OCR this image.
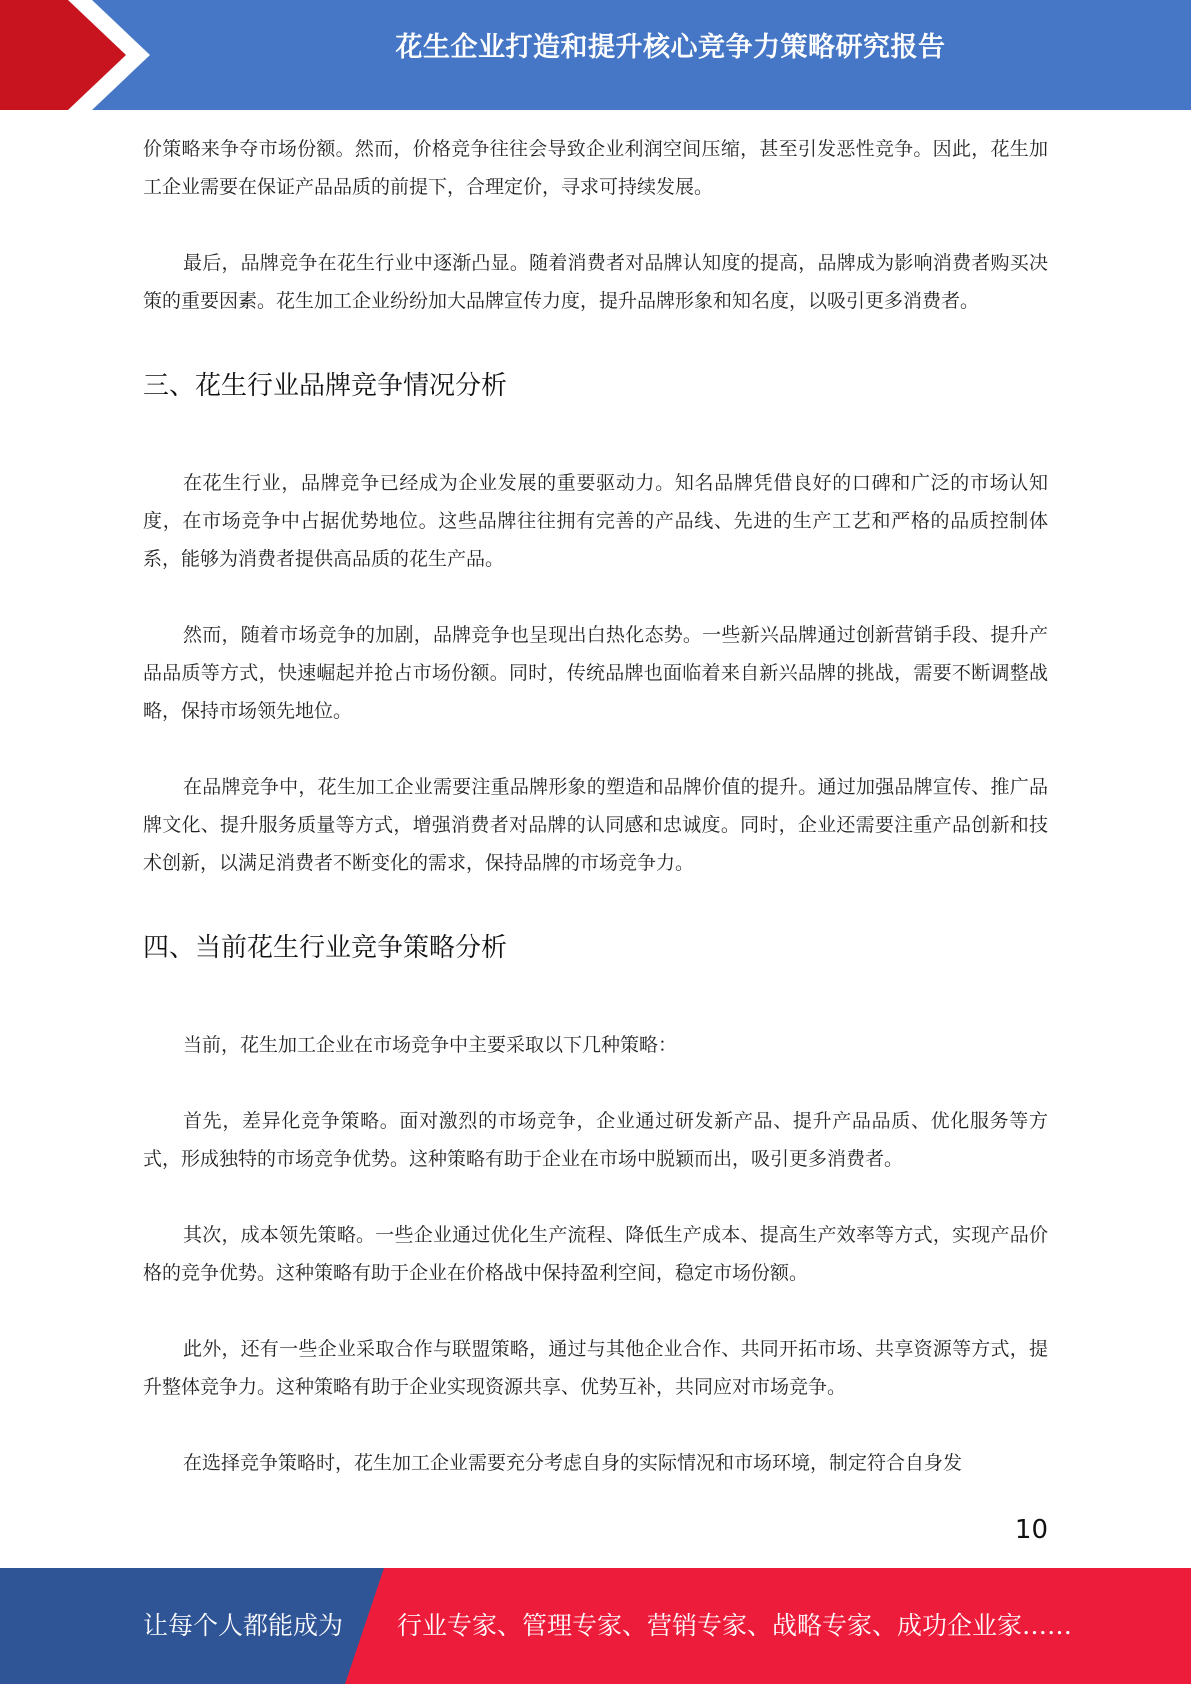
花生企业打造和提升核心竞争力策略研究报告

价策略来争夺市场份额。然而，价格竞争往往会导致企业利润空间压缩，甚至引发恶性竞争。因此，花生加工企业需要在保证产品品质的前提下，合理定价，寻求可持续发展。

最后，品牌竞争在花生行业中逐渐凸显。随着消费者对品牌认知度的提高，品牌成为影响消费者购买决策的重要因素。花生加工企业纷纷加大品牌宣传力度，提升品牌形象和知名度，以吸引更多消费者。

三、花生行业品牌竞争情况分析

在花生行业，品牌竞争已经成为企业发展的重要驱动力。知名品牌凭借良好的口碑和广泛的市场认知度，在市场竞争中占据优势地位。这些品牌往往拥有完善的产品线、先进的生产工艺和严格的品质控制体系，能够为消费者提供高品质的花生产品。

然而，随着市场竞争的加剧，品牌竞争也呈现出白热化态势。一些新兴品牌通过创新营销手段、提升产品品质等方式，快速崛起并抢占市场份额。同时，传统品牌也面临着来自新兴品牌的挑战，需要不断调整战略，保持市场领先地位。

在品牌竞争中，花生加工企业需要注重品牌形象的塑造和品牌价值的提升。通过加强品牌宣传、推广品牌文化、提升服务质量等方式，增强消费者对品牌的认同感和忠诚度。同时，企业还需要注重产品创新和技术创新，以满足消费者不断变化的需求，保持品牌的市场竞争力。

四、当前花生行业竞争策略分析

当前，花生加工企业在市场竞争中主要采取以下几种策略：

首先，差异化竞争策略。面对激烈的市场竞争，企业通过研发新产品、提升产品品质、优化服务等方式，形成独特的市场竞争优势。这种策略有助于企业在市场中脱颖而出，吸引更多消费者。

其次，成本领先策略。一些企业通过优化生产流程、降低生产成本、提高生产效率等方式，实现产品价格的竞争优势。这种策略有助于企业在价格战中保持盈利空间，稳定市场份额。

此外，还有一些企业采取合作与联盟策略，通过与其他企业合作、共同开拓市场、共享资源等方式，提升整体竞争力。这种策略有助于企业实现资源共享、优势互补，共同应对市场竞争。

在选择竞争策略时，花生加工企业需要充分考虑自身的实际情况和市场环境，制定符合自身发

10
让每个人都能成为 行业专家、管理专家、营销专家、战略专家、成功企业家……
